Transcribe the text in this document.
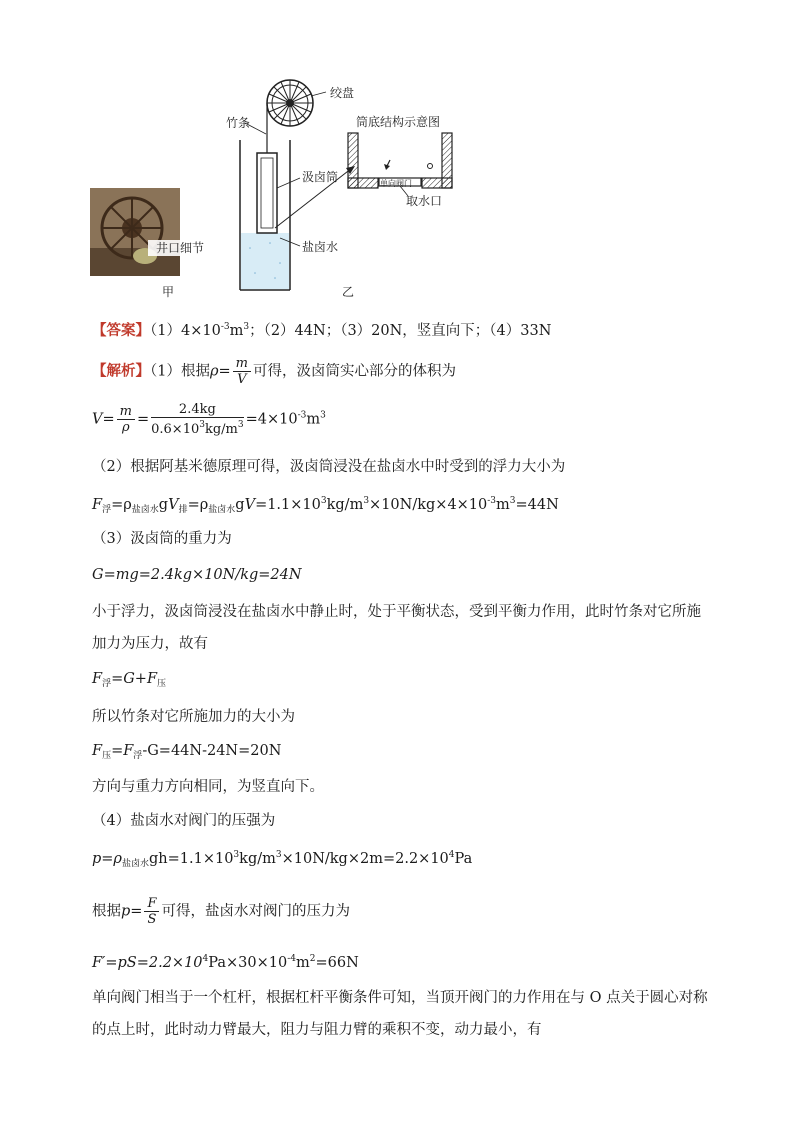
井口细节
绞盘
竹条
汲卤筒
盐卤水
筒底结构示意图
单向阀门
取水口
甲	乙
【答案】$(1)4\times 10^{-3}m^3$；（2）44N；（3）20N，竖直向下；（4）33N
【解析】（1）根据$\rho= \frac{m}{V}$ 可得，汲卤筒实心部分的体积为
$V= \frac{m}{\rho} = \frac{2.4kg}{0.6\times 10^3kg/m^3} =4\times 10^{-3}m^3$
（2）根据阿基米德原理可得，汲卤筒浸没在盐卤水中时受到的浮力大小为
$F_浮=\rho_{盐卤水}gV_排=\rho_{盐卤水}gV=1.1\times 10^3kg/m^3\times 10N/kg\times 4\times 10^{-3}m^3=44N$
（3）汲卤筒的重力为
G=mg=2.4kg×10N/kg=24N
小于浮力，汲卤筒浸没在盐卤水中静止时，处于平衡状态，受到平衡力作用，此时竹条对它所施加力为压力，故有
$F_浮=G+F_压$
所以竹条对它所施加力的大小为
$F_压=F_浮-G=44N-24N=20N$
方向与重力方向相同，为竖直向下。
（4）盐卤水对阀门的压强为
$p=\rho_{盐卤水}gh=1.1\times 10^3kg/m^3\times 10N/kg\times 2m=2.2\times 10^4Pa$
根据$p= \frac{F}{S}$ 可得，盐卤水对阀门的压力为
$F'=pS=2.2\times 10^4Pa\times 30\times 10^{-4}m^2=66N$
单向阀门相当于一个杠杆，根据杠杆平衡条件可知，当顶开阀门的力作用在与 O 点关于圆心对称的点上时，此时动力臂最大，阻力与阻力臂的乘积不变，动力最小，有
